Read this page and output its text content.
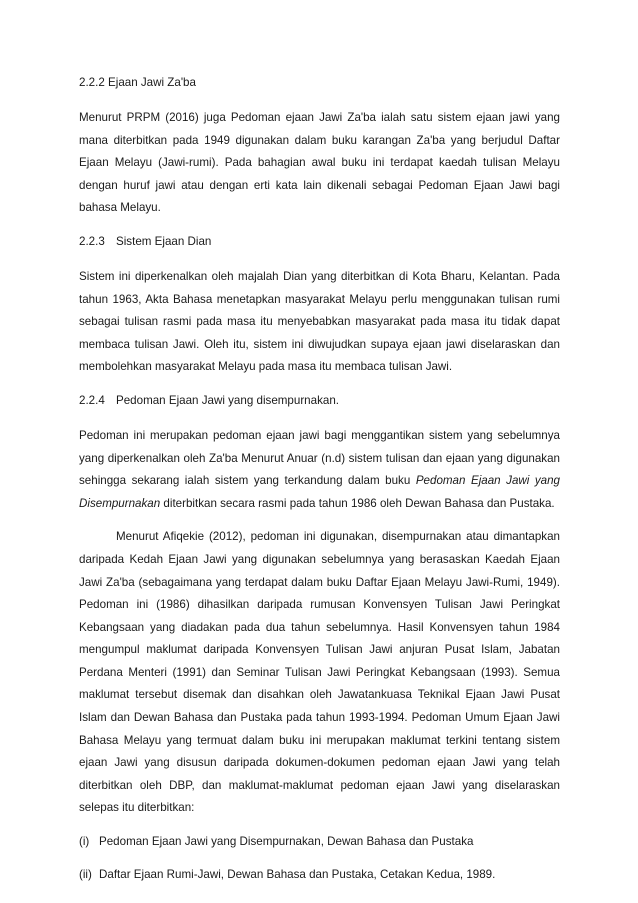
2.2.2 Ejaan Jawi Za'ba

Menurut PRPM (2016) juga Pedoman ejaan Jawi Za'ba ialah satu sistem ejaan jawi yang mana diterbitkan pada 1949 digunakan dalam buku karangan Za'ba yang berjudul Daftar Ejaan Melayu (Jawi-rumi). Pada bahagian awal buku ini terdapat kaedah tulisan Melayu dengan huruf jawi atau dengan erti kata lain dikenali sebagai Pedoman Ejaan Jawi bagi bahasa Melayu.

2.2.3 Sistem Ejaan Dian

Sistem ini diperkenalkan oleh majalah Dian yang diterbitkan di Kota Bharu, Kelantan. Pada tahun 1963, Akta Bahasa menetapkan masyarakat Melayu perlu menggunakan tulisan rumi sebagai tulisan rasmi pada masa itu menyebabkan masyarakat pada masa itu tidak dapat membaca tulisan Jawi. Oleh itu, sistem ini diwujudkan supaya ejaan jawi diselaraskan dan membolehkan masyarakat Melayu pada masa itu membaca tulisan Jawi.

2.2.4 Pedoman Ejaan Jawi yang disempurnakan.

Pedoman ini merupakan pedoman ejaan jawi bagi menggantikan sistem yang sebelumnya yang diperkenalkan oleh Za'ba Menurut Anuar (n.d) sistem tulisan dan ejaan yang digunakan sehingga sekarang ialah sistem yang terkandung dalam buku Pedoman Ejaan Jawi yang Disempurnakan diterbitkan secara rasmi pada tahun 1986 oleh Dewan Bahasa dan Pustaka.

Menurut Afiqekie (2012), pedoman ini digunakan, disempurnakan atau dimantapkan daripada Kedah Ejaan Jawi yang digunakan sebelumnya yang berasaskan Kaedah Ejaan Jawi Za'ba (sebagaimana yang terdapat dalam buku Daftar Ejaan Melayu Jawi-Rumi, 1949). Pedoman ini (1986) dihasilkan daripada rumusan Konvensyen Tulisan Jawi Peringkat Kebangsaan yang diadakan pada dua tahun sebelumnya. Hasil Konvensyen tahun 1984 mengumpul maklumat daripada Konvensyen Tulisan Jawi anjuran Pusat Islam, Jabatan Perdana Menteri (1991) dan Seminar Tulisan Jawi Peringkat Kebangsaan (1993). Semua maklumat tersebut disemak dan disahkan oleh Jawatankuasa Teknikal Ejaan Jawi Pusat Islam dan Dewan Bahasa dan Pustaka pada tahun 1993-1994. Pedoman Umum Ejaan Jawi Bahasa Melayu yang termuat dalam buku ini merupakan maklumat terkini tentang sistem ejaan Jawi yang disusun daripada dokumen-dokumen pedoman ejaan Jawi yang telah diterbitkan oleh DBP, dan maklumat-maklumat pedoman ejaan Jawi yang diselaraskan selepas itu diterbitkan:

(i) Pedoman Ejaan Jawi yang Disempurnakan, Dewan Bahasa dan Pustaka

(ii) Daftar Ejaan Rumi-Jawi, Dewan Bahasa dan Pustaka, Cetakan Kedua, 1989.
